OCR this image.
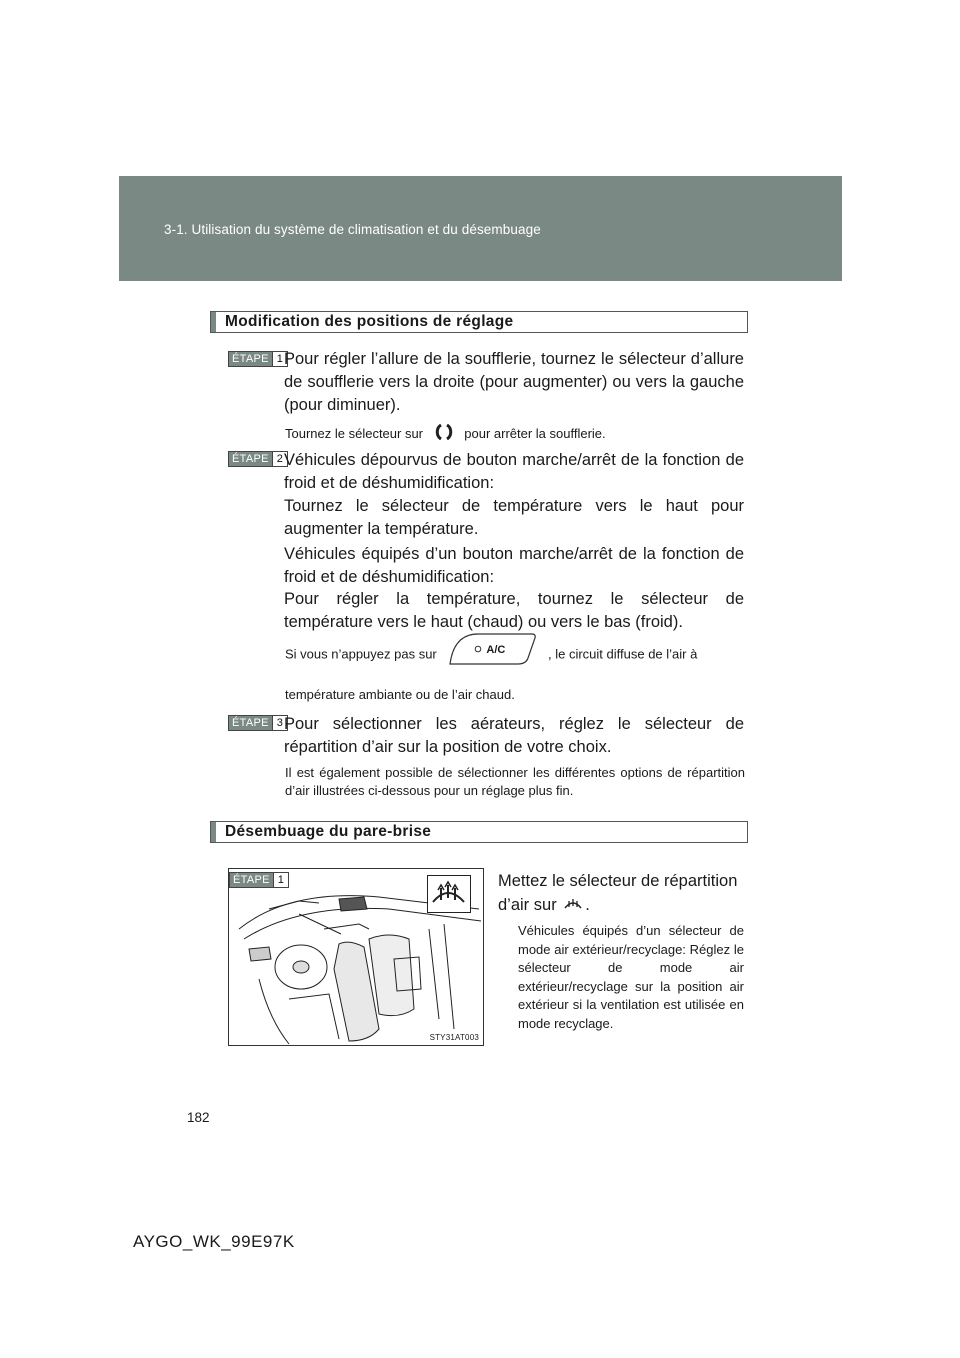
3-1. Utilisation du système de climatisation et du désembuage
Modification des positions de réglage
ÉTAPE 1 Pour régler l’allure de la soufflerie, tournez le sélecteur d’allure de soufflerie vers la droite (pour augmenter) ou vers la gauche (pour diminuer).

Tournez le sélecteur sur	pour arrêter la soufflerie.

ÉTAPE 2 Véhicules dépourvus de bouton marche/arrêt de la fonction de froid et de déshumidification:

Tournez le sélecteur de température vers le haut pour augmenter la température.

Véhicules équipés d’un bouton marche/arrêt de la fonction de froid et de déshumidification:

Pour régler la température, tournez le sélecteur de température vers le haut (chaud) ou vers le bas (froid).

Si vous n’appuyez pas sur	A/C	, le circuit diffuse de l’air à

température ambiante ou de l’air chaud.

ÉTAPE 3 Pour sélectionner les aérateurs, réglez le sélecteur de répartition d’air sur la position de votre choix.

Il est également possible de sélectionner les différentes options de répartition d’air illustrées ci-dessous pour un réglage plus fin.

Désembuage du pare-brise
ÉTAPE 1
STY31AT003

Mettez le sélecteur de répartition d’air sur .

Véhicules équipés d’un sélecteur de mode air extérieur/recyclage: Réglez le sélecteur de mode air extérieur/recyclage sur la position air extérieur si la ventilation est utilisée en mode recyclage.

182
AYGO_WK_99E97K
